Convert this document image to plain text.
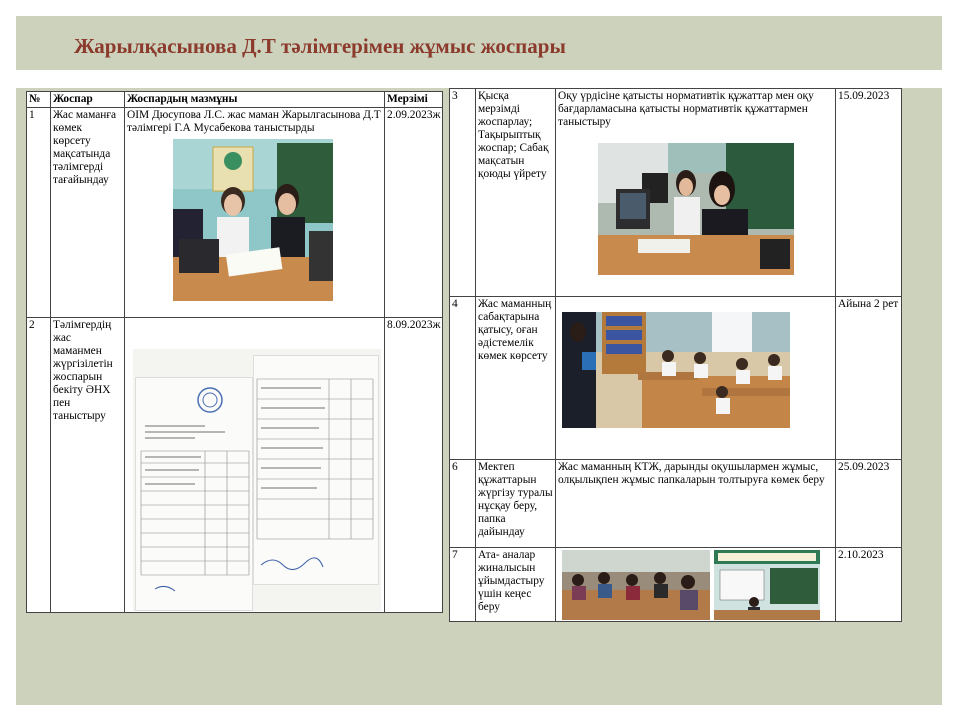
Жарылқасынова Д.Т тәлімгерімен жұмыс жоспары
№	Жоспар	Жоспардың мазмұны	Мерзімі
1	Жас маманға көмек көрсету мақсатында тәлімгерді тағайындау	ОІМ Дюсупова Л.С. жас маман Жарылгасынова Д.Т тәлімгері Г.А Мусабекова таныстырды	2.09.2023ж
2	Тәлімгердің жас маманмен жүргізілетін жоспарын бекіту ӘНХ пен таныстыру		8.09.2023ж
3	Қысқа мерзімді жоспарлау; Тақырыптық жоспар; Сабақ мақсатын қоюды үйрету	Оқу үрдісіне қатысты нормативтік құжаттар мен оқу бағдарламасына қатысты нормативтік құжаттармен таныстыру	15.09.2023
4	Жас маманның сабақтарына қатысу, оған әдістемелік көмек көрсету		Айына 2 рет
6	Мектеп құжаттарын жүргізу туралы нұсқау беру, папка дайындау	Жас маманның КТЖ, дарынды оқушылармен жұмыс, олқылықпен жұмыс папкаларын толтыруға көмек беру	25.09.2023
7	Ата- аналар жиналысын ұйымдастыру үшін кеңес беру		2.10.2023
